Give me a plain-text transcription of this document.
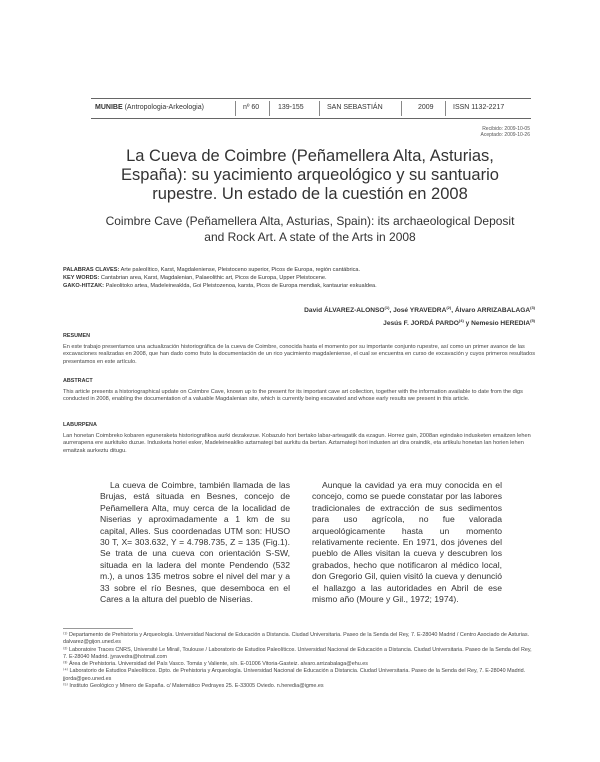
MUNIBE (Antropologia-Arkeologia)	nº 60	139-155	SAN SEBASTIÁN	2009	ISSN 1132-2217
Recibido: 2009-10-05
Aceptado: 2009-10-26
La Cueva de Coimbre (Peñamellera Alta, Asturias, España): su yacimiento arqueológico y su santuario rupestre. Un estado de la cuestión en 2008
Coimbre Cave (Peñamellera Alta, Asturias, Spain): its archaeological Deposit and Rock Art. A state of the Arts in 2008
PALABRAS CLAVES: Arte paleolítico, Karst, Magdaleniense, Pleistoceno superior, Picos de Europa, región cantábrica.
KEY WORDS: Cantabrian area, Karst, Magdalenian, Palaeolithic art, Picos de Europa, Upper Pleistocene.
GAKO-HITZAK: Paleolitoko artea, Madeleineaklda, Goi Pleistozenoa, karsta, Picos de Europa mendiak, kantauriar eskualdea.
David ÁLVAREZ-ALONSO$^{(1)}$, José YRAVEDRA$^{(2)}$, Álvaro ARRIZABALAGA$^{(3)}$
Jesús F. JORDÁ PARDO$^{(4)}$ y Nemesio HEREDIA$^{(5)}$
RESUMEN

En este trabajo presentamos una actualización historiográfica de la cueva de Coimbre, conocida hasta el momento por su importante conjunto rupestre, así como un primer avance de las excavaciones realizadas en 2008, que han dado como fruto la documentación de un rico yacimiento magdaleniense, el cual se encuentra en curso de excavación y cuyos primeros resultados presentamos en este artículo.

ABSTRACT

This article presents a historiographical update on Coimbre Cave, known up to the present for its important cave art collection, together with the information available to date from the digs conducted in 2008, enabling the documentation of a valuable Magdalenian site, which is currently being excavated and whose early results we present in this article.

LABURPENA

Lan honetan Coimbreko kobaren eguneraketa historiografikoa aurki dezakezue. Kobazulo hori bertako labar-arteagatik da ezagun. Horrez gain, 2008an egindako indusketen emaitzen lehen aurrerapena ere aurkituko duzue. Indusketa horiei esker, Madeleineaklko aztarnategi bat aurkitu da bertan. Aztarnategi hori industen ari dira oraindik, eta artikulu honetan lan horien lehen emaitzak aurkeztu ditugu.

La cueva de Coimbre, también llamada de las Brujas, está situada en Besnes, concejo de Peñamellera Alta, muy cerca de la localidad de Niserias y aproximadamente a 1 km de su capital, Alles. Sus coordenadas UTM son: HUSO 30 T, X= 303.632, Y = 4.798.735, Z = 135 (Fig.1). Se trata de una cueva con orientación S-SW, situada en la ladera del monte Pendendo (532 m.), a unos 135 metros sobre el nivel del mar y a 33 sobre el río Besnes, que desemboca en el Cares a la altura del pueblo de Niserias.

Aunque la cavidad ya era muy conocida en el concejo, como se puede constatar por las labores tradicionales de extracción de sus sedimentos para uso agrícola, no fue valorada arqueológicamente hasta un momento relativamente reciente. En 1971, dos jóvenes del pueblo de Alles visitan la cueva y descubren los grabados, hecho que notificaron al médico local, don Gregorio Gil, quien visitó la cueva y denunció el hallazgo a las autoridades en Abril de ese mismo año (Moure y Gil., 1972; 1974).

⁽¹⁾ Departamento de Prehistoria y Arqueología. Universidad Nacional de Educación a Distancia. Ciudad Universitaria. Paseo de la Senda del Rey, 7. E-28040 Madrid / Centro Asociado de Asturias. dalvarez@gijon.uned.es
⁽²⁾ Laboratoire Traces CNRS, Université Le Mirail, Toulouse / Laboratorio de Estudios Paleolíticos. Universidad Nacional de Educación a Distancia. Ciudad Universitaria. Paseo de la Senda del Rey, 7. E-28040 Madrid. jyravedra@hotmail.com
⁽³⁾ Área de Prehistoria. Universidad del País Vasco. Tomás y Valiente, s/n. E-01006 Vitoria-Gasteiz. alvaro.arrizabalaga@ehu.es
⁽⁴⁾ Laboratorio de Estudios Paleolíticos. Dpto. de Prehistoria y Arqueología. Universidad Nacional de Educación a Distancia. Ciudad Universitaria. Paseo de la Senda del Rey, 7. E-28040 Madrid. jjorda@geo.uned.es
⁽⁵⁾ Instituto Geológico y Minero de España. c/ Matemático Pedrayes 25. E-33005 Oviedo. n.heredia@igme.es
